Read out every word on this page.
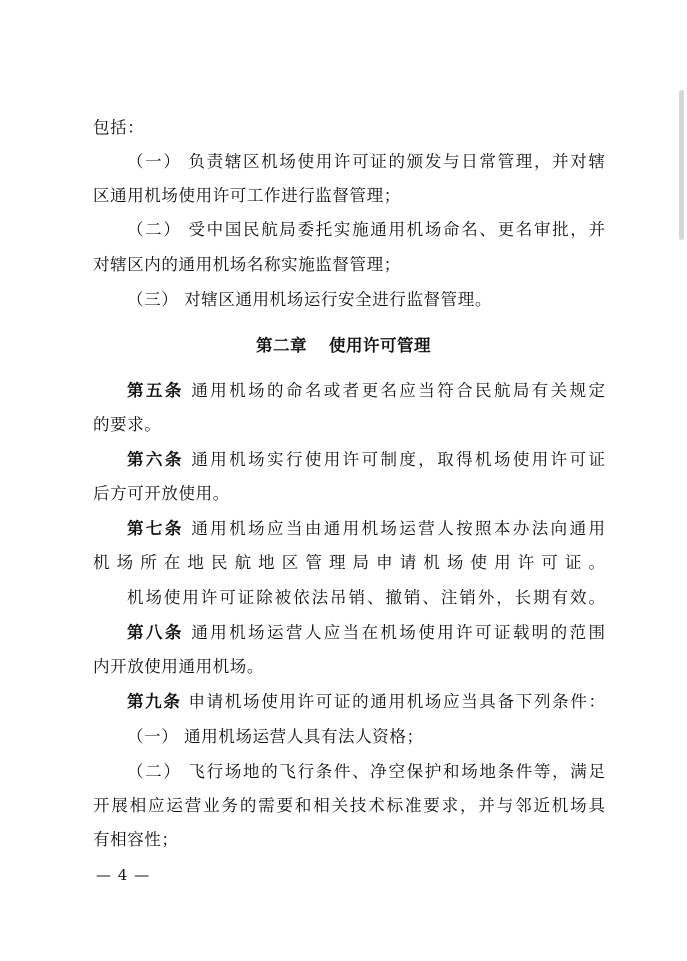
包括：
（一） 负责辖区机场使用许可证的颁发与日常管理，并对辖
区通用机场使用许可工作进行监督管理；
（二） 受中国民航局委托实施通用机场命名、更名审批，并
对辖区内的通用机场名称实施监督管理；
（三） 对辖区通用机场运行安全进行监督管理。
第二章 使用许可管理
第五条 通用机场的命名或者更名应当符合民航局有关规定
的要求。
第六条 通用机场实行使用许可制度，取得机场使用许可证
后方可开放使用。
第七条 通用机场应当由通用机场运营人按照本办法向通用
机场所在地民航地区管理局申请机场使用许可证。
机场使用许可证除被依法吊销、撤销、注销外，长期有效。
第八条 通用机场运营人应当在机场使用许可证载明的范围
内开放使用通用机场。
第九条 申请机场使用许可证的通用机场应当具备下列条件：
（一） 通用机场运营人具有法人资格；
（二） 飞行场地的飞行条件、净空保护和场地条件等，满足
开展相应运营业务的需要和相关技术标准要求，并与邻近机场具
有相容性；
— 4 —
